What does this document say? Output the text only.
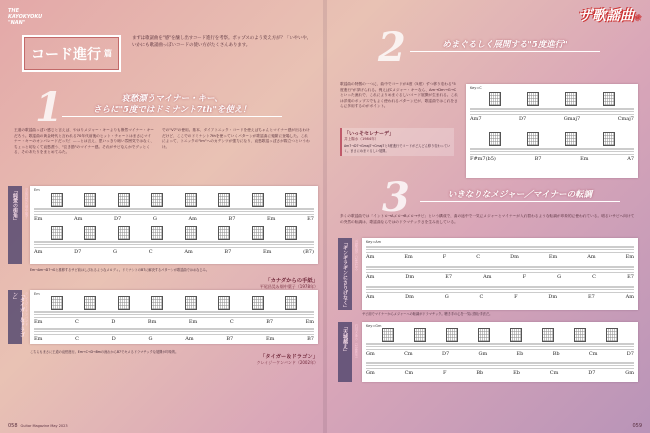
THE KAYOKYOKU "NAN"	ザ歌謡曲ポ
コード進行 篇
まずは歌謡曲を"感"を醸し出すコード進行を考察。ポップスのよう変え方が？「いやいや、いかにも歌謡曲っぽいコードの使い方がたくさんあります。
1	哀愁漂うマイナー・キー、
さらに"5度ではドミナント7th"を使え！
王道の歌謡曲っぽい感じと言えば、やはりメジャー・キーよりも断然マイナー・キーだろう。歌謡曲の黄金時代と言われる70年代前後のヒット・チャートはまさにマイナー・キーのオンパレードだった！……とは言え、思いっきり暗い雰囲気ではなく、ちょっと切なくて哀愁漂う、"泣き節"のマイナー感。それがサビなんかでグッとくる、そのあたりをまとめてみた。
での"V7"の使用。基本、ダイアトニック・コードを使えばちゃんとマイナー感が出るわけだけど、ここでのドミナント7thを使っていくパターンが歌謡曲に頻繁に登場した。これによって、トニックの"Im"へのカデンツが強力になり、哀愁歌謡っぽさが際立つというわけ。
「純愛の街角」 平尾昌晃＆畑中葉子 Em
Em	Am	D7	G	Am	B7	Em	E7
Am	D7	G	C	Am	B7	Em	(B7)
Em→Am→D7→Gと推移するサビ前はしびれるようなメロディ。ドミナントのB7に解決するパターンが歌謡曲ではおなじみ。
「カナダからの手紙」
平尾昌晃＆畑中葉子（1978年）
「タイガー＆ドラゴン」	クレイジーケンバンド Em
Em	C	D	Bm	Em	C	B7	Em
Em	C	D	G	Am	B7	Em	B7
こちらもまさに王道の哀愁進行。Em→C→D→Bmの流れからB7でキメるドラマチックな展開が印象的。
「タイガー＆ドラゴン」
クレイジーケンバンド（2002年）
2	めまぐるしく展開する"5度進行"
歌謡曲の特徴の一つに、曲中でコードが4度（5度）ずつ移り変わる"5度進行"が挙げられる。例えばCメジャー・キーなら、Am→Dm→G→Cといった流れで、これによりめまぐるしいコード展開が生まれる。これは洋楽のポップスでもよく使われるパターンだが、歌謡曲ではこれをさらに多用するのがポイント。
「いっそセレナーデ」
井上陽水（1984年）
Am7→D7→Gmaj7→Cmaj7と5度進行でコードがどんどん移り変わっていく。まさにめまぐるしい展開。
Key=C
Am7	D7	Gmaj7	Cmaj7
F#m7(b5)	B7	Em	A7
3	いきなりなメジャー／マイナーの転調
多くの歌謡曲では「イントロ→Aメロ→Bメロ→サビ」という構成で、曲の途中で一気にメジャーとマイナーが入れ替わるような転調が印象的に使われている。明るいサビへ向けての突然の転調は、歌謡曲ならではのドラマチックさを生み出している。
「ギンギラギンにさりげなく」 近藤真彦（1981年） Key=Am
Am	Em	F	C	Dm	Em	Am	Em
Am	Dm	E7	Am	F	G	C	E7
Am	Dm	G	C	F	Dm	E7	Am
サビ前でマイナーからメジャーへの転調がドラマチック。聴き手の心を一気に掴む手法だ。
「天城越え」 石川さゆり（1986年） Key=Gm
Gm	Cm	D7	Gm	Eb	Bb	Cm	D7
Gm	Cm	F	Bb	Eb	Cm	D7	Gm
058 Guitar Magazine May 2023	059
